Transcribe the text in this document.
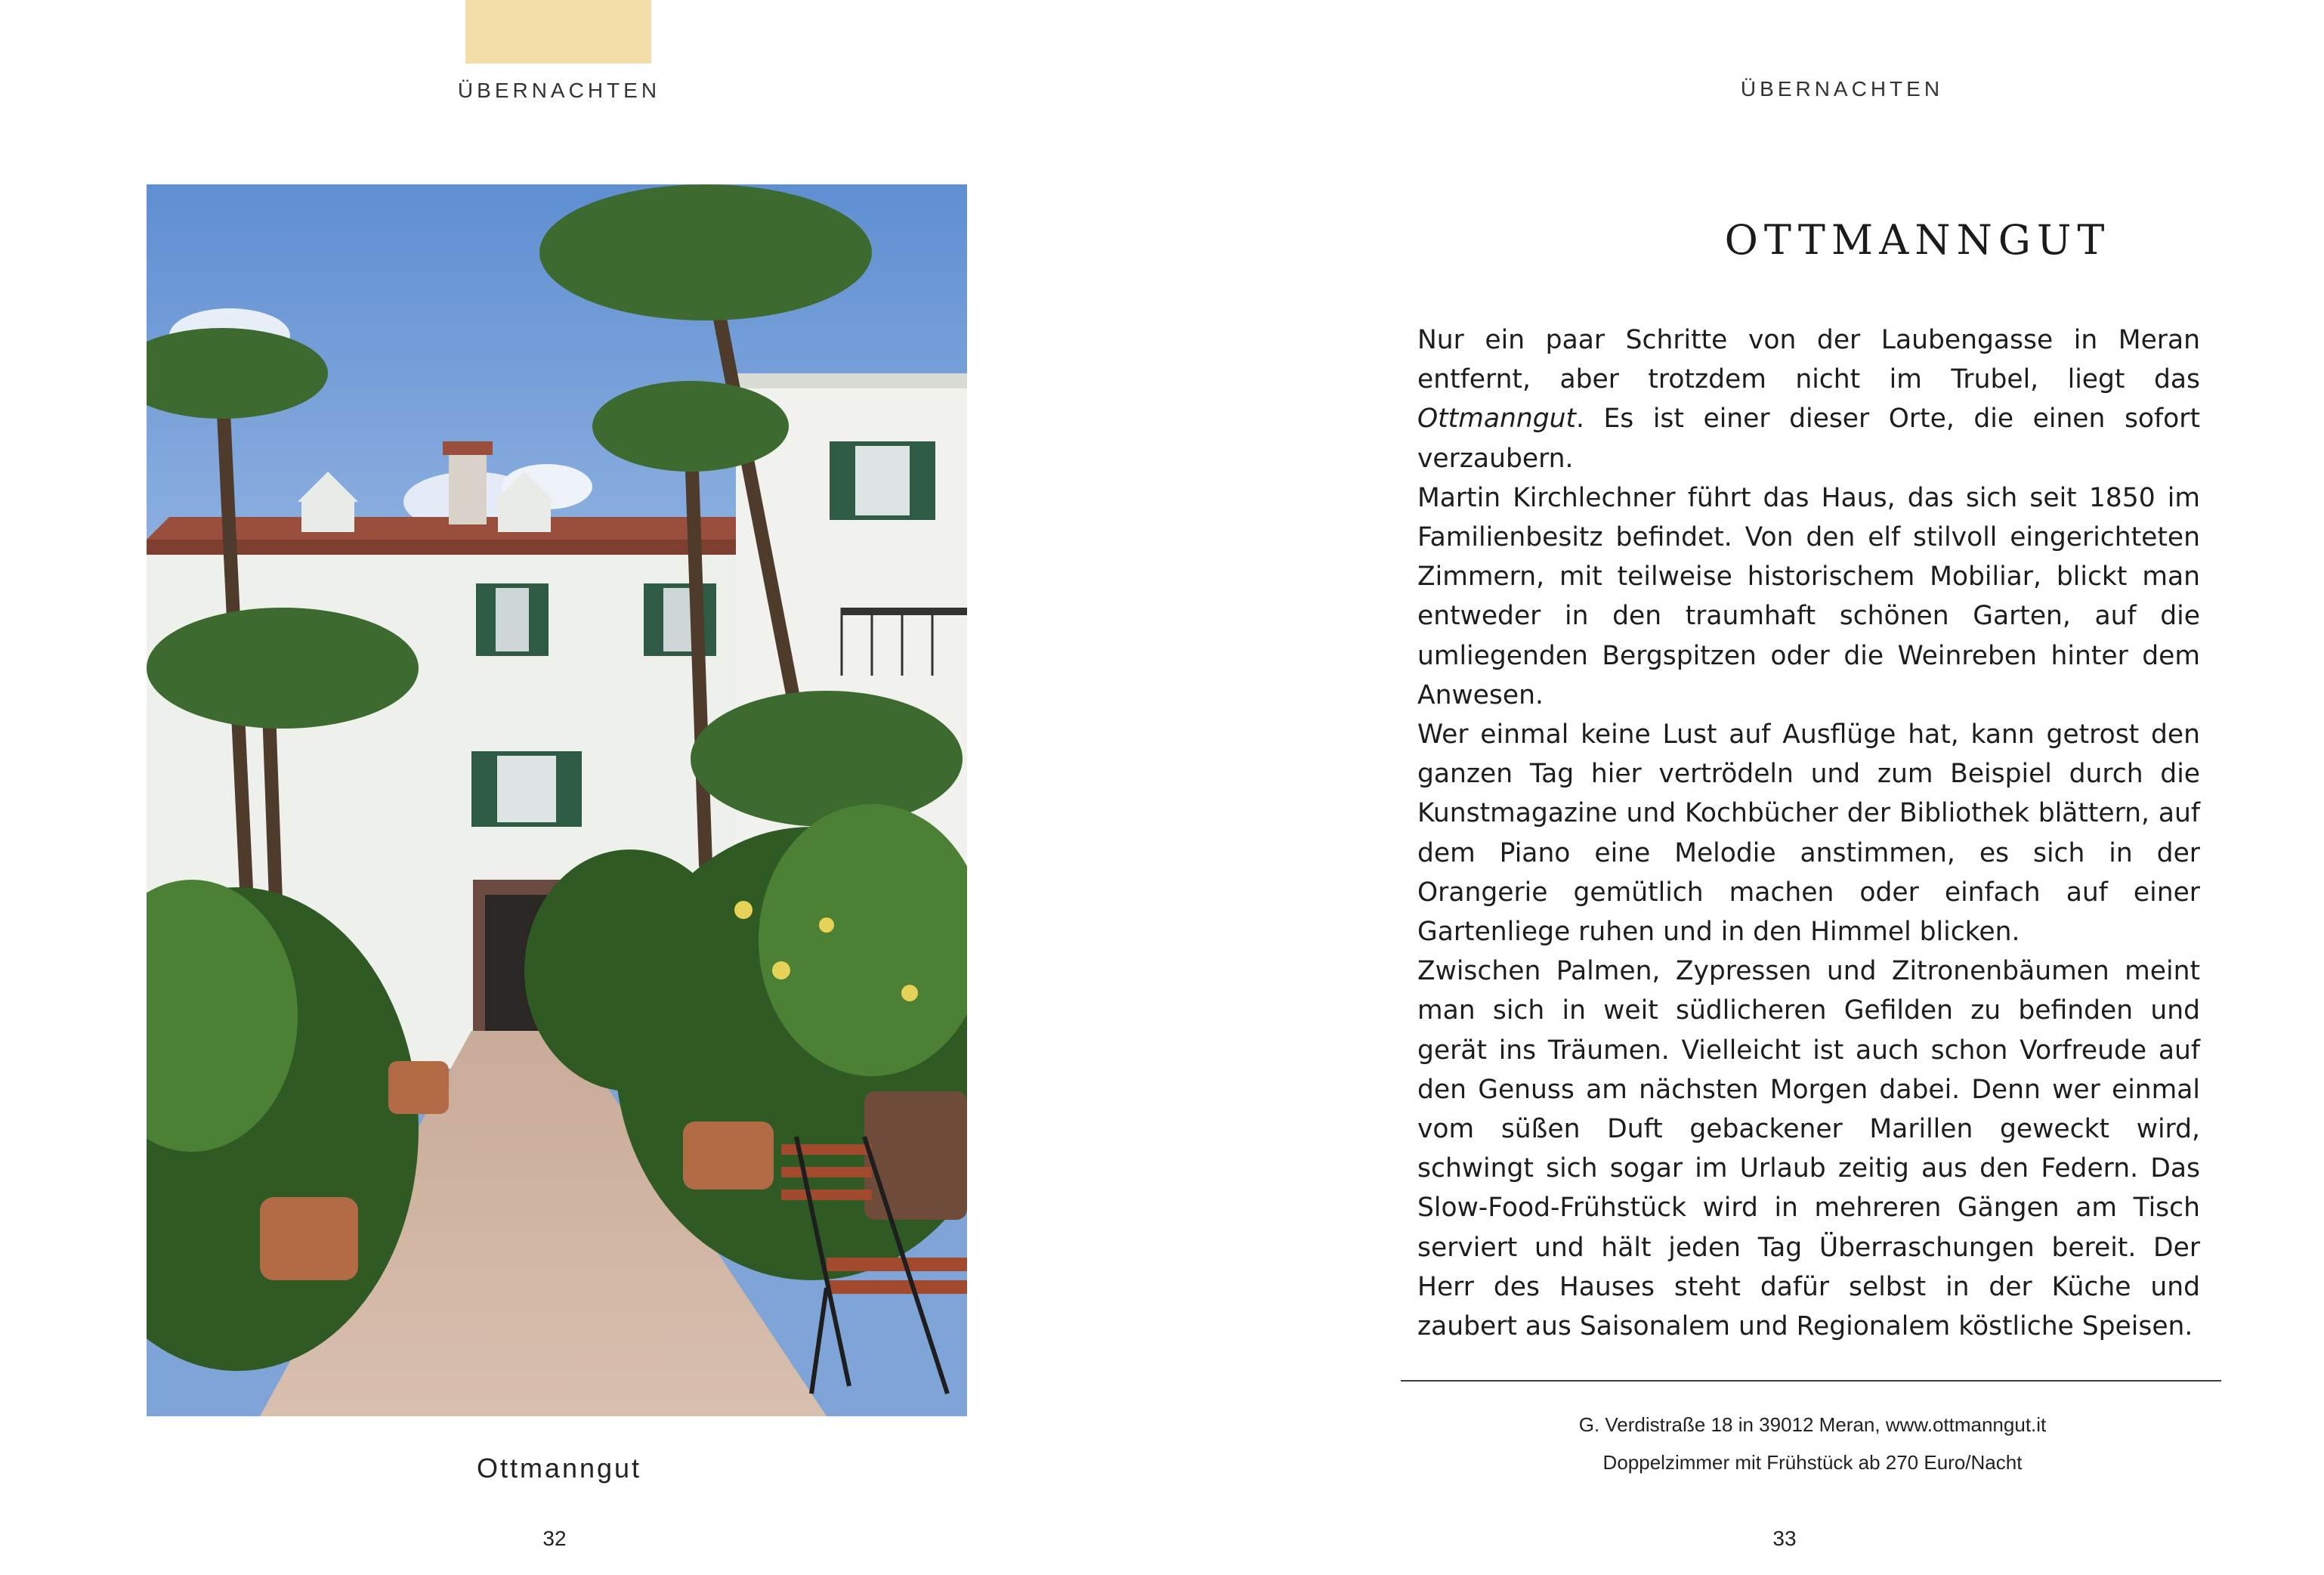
ÜBERNACHTEN
Ottmanngut
32
ÜBERNACHTEN
OTTMANNGUT

Nur ein paar Schritte von der Laubengasse in Meran entfernt, aber trotzdem nicht im Trubel, liegt das Ottmanngut. Es ist einer dieser Orte, die einen sofort verzaubern.

Martin Kirchlechner führt das Haus, das sich seit 1850 im Familienbesitz befindet. Von den elf stilvoll eingerichteten Zimmern, mit teilweise historischem Mobiliar, blickt man entweder in den traumhaft schönen Garten, auf die umliegenden Bergspitzen oder die Weinreben hinter dem Anwesen.

Wer einmal keine Lust auf Ausflüge hat, kann getrost den ganzen Tag hier vertrödeln und zum Beispiel durch die Kunstmagazine und Kochbücher der Bibliothek blättern, auf dem Piano eine Melodie anstimmen, es sich in der Orangerie gemütlich machen oder einfach auf einer Gartenliege ruhen und in den Himmel blicken.

Zwischen Palmen, Zypressen und Zitronenbäumen meint man sich in weit südlicheren Gefilden zu befinden und gerät ins Träumen. Vielleicht ist auch schon Vorfreude auf den Genuss am nächsten Morgen dabei. Denn wer einmal vom süßen Duft gebackener Marillen geweckt wird, schwingt sich sogar im Urlaub zeitig aus den Federn. Das Slow-Food-Frühstück wird in mehreren Gängen am Tisch serviert und hält jeden Tag Überraschungen bereit. Der Herr des Hauses steht dafür selbst in der Küche und zaubert aus Saisonalem und Regionalem köstliche Speisen.

G. Verdistraße 18 in 39012 Meran, www.ottmanngut.it
Doppelzimmer mit Frühstück ab 270 Euro/Nacht
33
